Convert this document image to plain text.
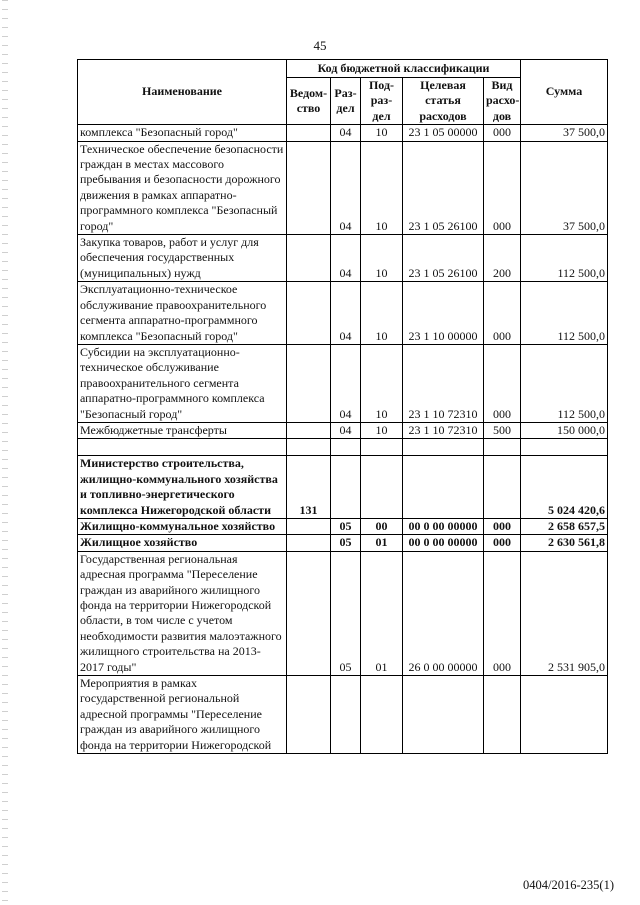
45
Наименование	Код бюджетной классификации					Сумма
	Ведом- ство	Раз- дел	Под- раз- дел	Целевая статья расходов	Вид расхо- дов	
комплекса "Безопасный город"		04	10	23 1 05 00000	000	37 500,0
Техническое обеспечение безопасности граждан в местах массового пребывания и безопасности дорожного движения в рамках аппаратно-программного комплекса "Безопасный город"		04	10	23 1 05 26100	000	37 500,0
Закупка товаров, работ и услуг для обеспечения государственных (муниципальных) нужд		04	10	23 1 05 26100	200	112 500,0
Эксплуатационно-техническое обслуживание правоохранительного сегмента аппаратно-программного комплекса "Безопасный город"		04	10	23 1 10 00000	000	112 500,0
Субсидии на эксплуатационно-техническое обслуживание правоохранительного сегмента аппаратно-программного комплекса "Безопасный город"		04	10	23 1 10 72310	000	112 500,0
Межбюджетные трансферты		04	10	23 1 10 72310	500	150 000,0

Министерство строительства, жилищно-коммунального хозяйства и топливно-энергетического комплекса Нижегородской области	131					5 024 420,6
Жилищно-коммунальное хозяйство		05	00	00 0 00 00000	000	2 658 657,5
Жилищное хозяйство		05	01	00 0 00 00000	000	2 630 561,8
Государственная региональная адресная программа "Переселение граждан из аварийного жилищного фонда на территории Нижегородской области, в том числе с учетом необходимости развития малоэтажного жилищного строительства на 2013-2017 годы"		05	01	26 0 00 00000	000	2 531 905,0
Мероприятия в рамках государственной региональной адресной программы "Переселение граждан из аварийного жилищного фонда на территории Нижегородской						
0404/2016-235(1)
